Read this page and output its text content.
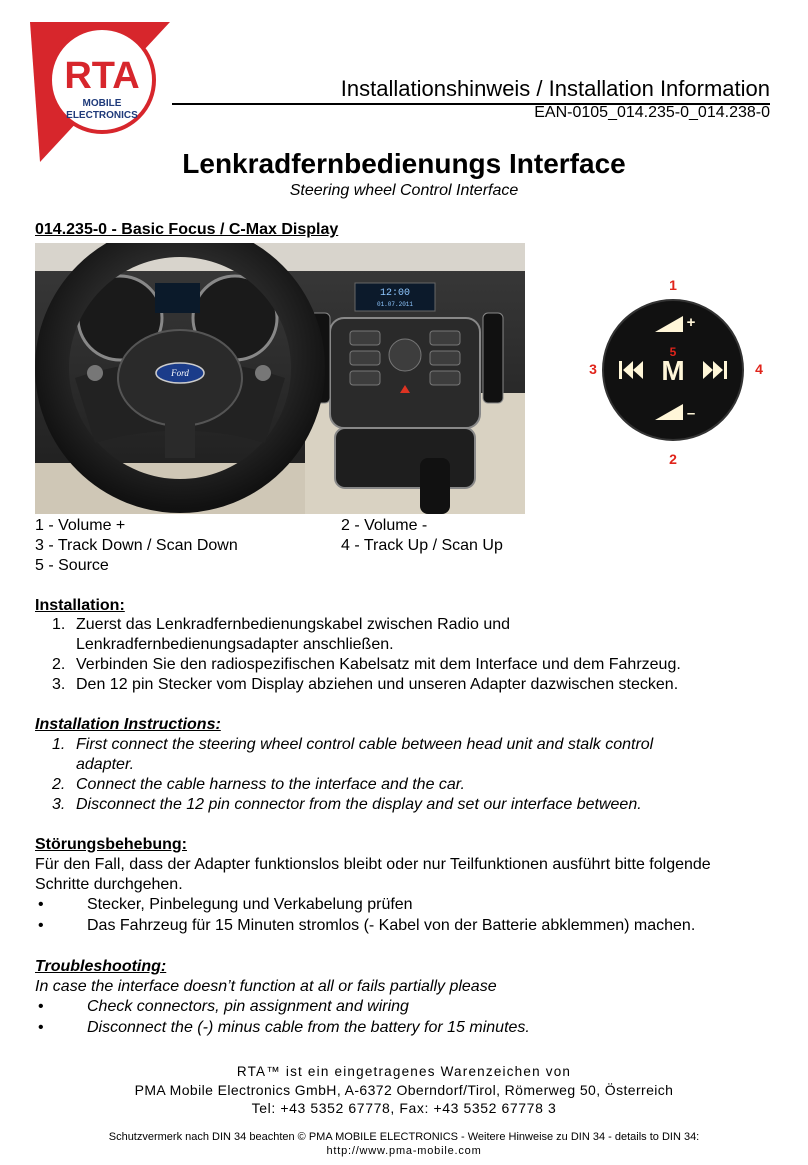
RTA
MOBILE
ELECTRONICS
Installationshinweis / Installation Information
EAN-0105_014.235-0_014.238-0
Lenkradfernbedienungs Interface
Steering wheel Control Interface
014.235-0 - Basic Focus / C-Max Display
12:00
01.07.2011
Ford
1
2
3	4
+
–
M
5
1 - Volume +	2 - Volume -
3 - Track Down / Scan Down	4 - Track Up / Scan Up
5 - Source
Installation:
1. Zuerst das Lenkradfernbedienungskabel zwischen Radio und
Lenkradfernbedienungsadapter anschließen.
2. Verbinden Sie den radiospezifischen Kabelsatz mit dem Interface und dem Fahrzeug.
3. Den 12 pin Stecker vom Display abziehen und unseren Adapter dazwischen stecken.
Installation Instructions:
1. First connect the steering wheel control cable between head unit and stalk control
adapter.
2. Connect the cable harness to the interface and the car.
3. Disconnect the 12 pin connector from the display and set our interface between.
Störungsbehebung:
Für den Fall, dass der Adapter funktionslos bleibt oder nur Teilfunktionen ausführt bitte folgende
Schritte durchgehen.
•	Stecker, Pinbelegung und Verkabelung prüfen
•	Das Fahrzeug für 15 Minuten stromlos (- Kabel von der Batterie abklemmen) machen.
Troubleshooting:
In case the interface doesn’t function at all or fails partially please
•	Check connectors, pin assignment and wiring
•	Disconnect the (-) minus cable from the battery for 15 minutes.
RTA™ ist ein eingetragenes Warenzeichen von
PMA Mobile Electronics GmbH, A-6372 Oberndorf/Tirol, Römerweg 50, Österreich
Tel: +43 5352 67778, Fax: +43 5352 67778 3
Schutzvermerk nach DIN 34 beachten © PMA MOBILE ELECTRONICS - Weitere Hinweise zu DIN 34 - details to DIN 34:
http://www.pma-mobile.com
